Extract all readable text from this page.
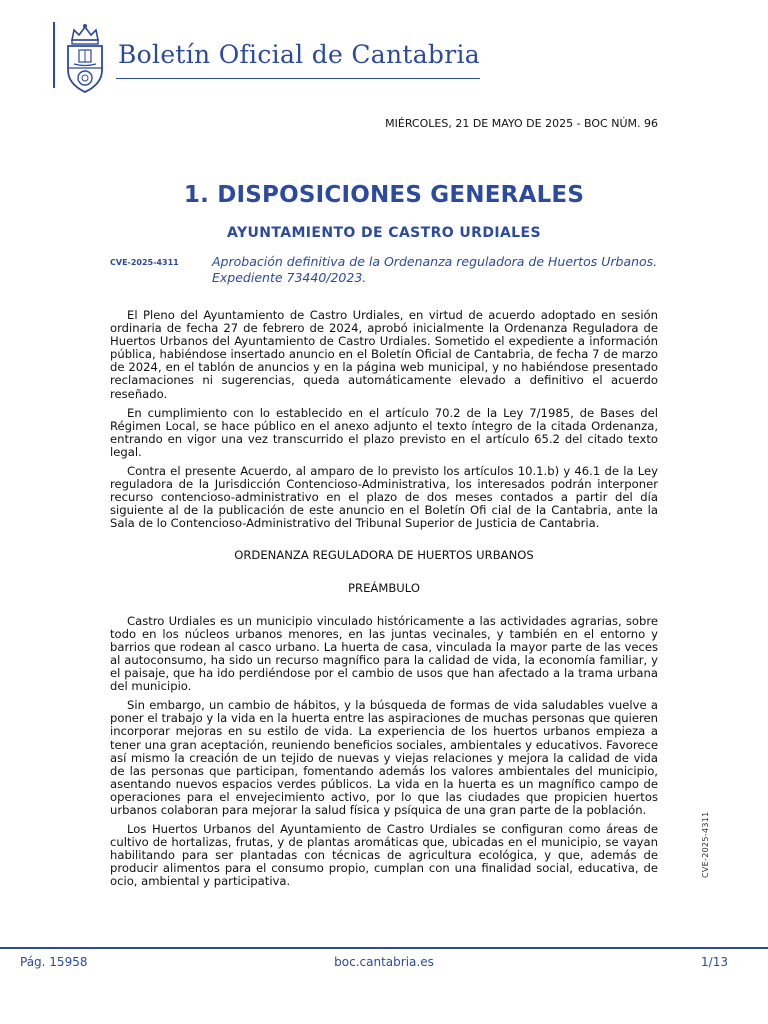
Boletín Oficial de Cantabria
MIÉRCOLES, 21 DE MAYO DE 2025 - BOC NÚM. 96
1. DISPOSICIONES GENERALES
AYUNTAMIENTO DE CASTRO URDIALES
CVE-2025-4311	Aprobación definitiva de la Ordenanza reguladora de Huertos Urbanos. Expediente 73440/2023.

El Pleno del Ayuntamiento de Castro Urdiales, en virtud de acuerdo adoptado en sesión ordinaria de fecha 27 de febrero de 2024, aprobó inicialmente la Ordenanza Reguladora de Huertos Urbanos del Ayuntamiento de Castro Urdiales. Sometido el expediente a información pública, habiéndose insertado anuncio en el Boletín Oficial de Cantabria, de fecha 7 de marzo de 2024, en el tablón de anuncios y en la página web municipal, y no habiéndose presentado reclamaciones ni sugerencias, queda automáticamente elevado a definitivo el acuerdo reseñado.

En cumplimiento con lo establecido en el artículo 70.2 de la Ley 7/1985, de Bases del Régimen Local, se hace público en el anexo adjunto el texto íntegro de la citada Ordenanza, entrando en vigor una vez transcurrido el plazo previsto en el artículo 65.2 del citado texto legal.

Contra el presente Acuerdo, al amparo de lo previsto los artículos 10.1.b) y 46.1 de la Ley reguladora de la Jurisdicción Contencioso-Administrativa, los interesados podrán interponer recurso contencioso-administrativo en el plazo de dos meses contados a partir del día siguiente al de la publicación de este anuncio en el Boletín Ofi cial de la Cantabria, ante la Sala de lo Contencioso-Administrativo del Tribunal Superior de Justicia de Cantabria.

ORDENANZA REGULADORA DE HUERTOS URBANOS

PREÁMBULO

Castro Urdiales es un municipio vinculado históricamente a las actividades agrarias, sobre todo en los núcleos urbanos menores, en las juntas vecinales, y también en el entorno y barrios que rodean al casco urbano. La huerta de casa, vinculada la mayor parte de las veces al autoconsumo, ha sido un recurso magnífico para la calidad de vida, la economía familiar, y el paisaje, que ha ido perdiéndose por el cambio de usos que han afectado a la trama urbana del municipio.

Sin embargo, un cambio de hábitos, y la búsqueda de formas de vida saludables vuelve a poner el trabajo y la vida en la huerta entre las aspiraciones de muchas personas que quieren incorporar mejoras en su estilo de vida. La experiencia de los huertos urbanos empieza a tener una gran aceptación, reuniendo beneficios sociales, ambientales y educativos. Favorece así mismo la creación de un tejido de nuevas y viejas relaciones y mejora la calidad de vida de las personas que participan, fomentando además los valores ambientales del municipio, asentando nuevos espacios verdes públicos. La vida en la huerta es un magnífico campo de operaciones para el envejecimiento activo, por lo que las ciudades que propicien huertos urbanos colaboran para mejorar la salud física y psíquica de una gran parte de la población.

Los Huertos Urbanos del Ayuntamiento de Castro Urdiales se configuran como áreas de cultivo de hortalizas, frutas, y de plantas aromáticas que, ubicadas en el municipio, se vayan habilitando para ser plantadas con técnicas de agricultura ecológica, y que, además de producir alimentos para el consumo propio, cumplan con una finalidad social, educativa, de ocio, ambiental y participativa.

CVE-2025-4311
Pág. 15958	boc.cantabria.es	1/13
